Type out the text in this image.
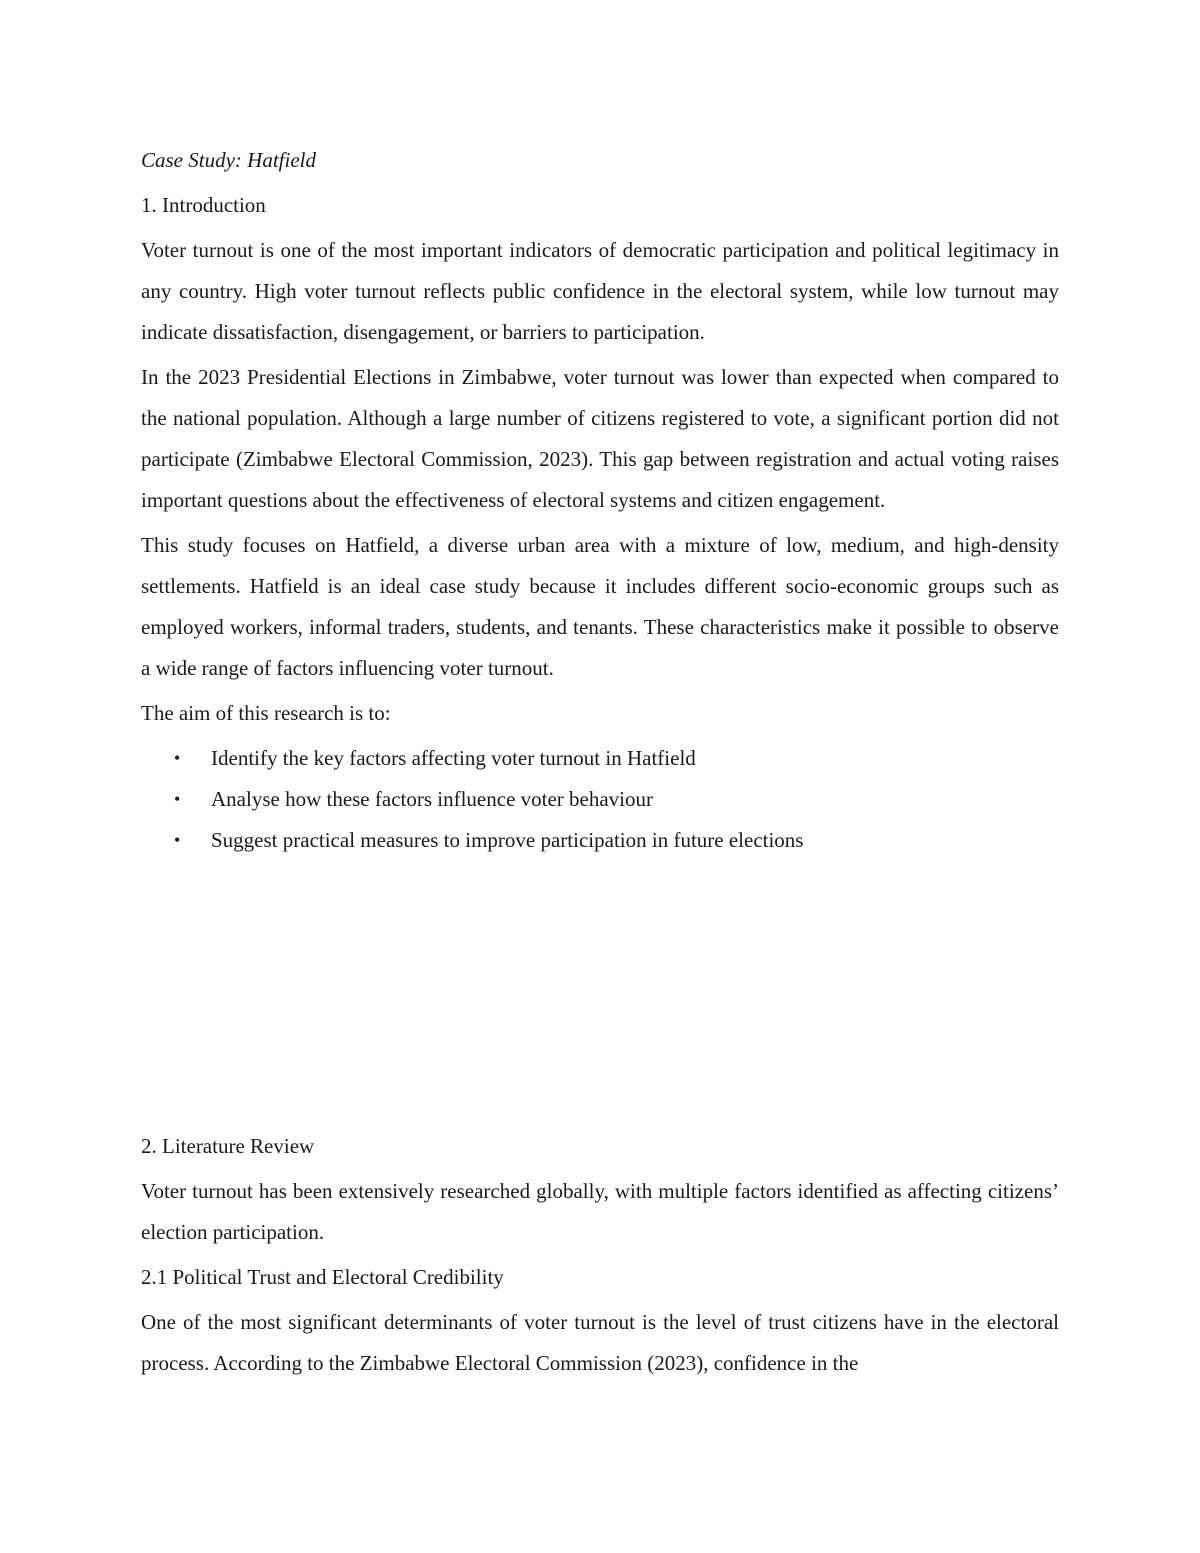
Case Study: Hatfield

1. Introduction

Voter turnout is one of the most important indicators of democratic participation and political legitimacy in any country. High voter turnout reflects public confidence in the electoral system, while low turnout may indicate dissatisfaction, disengagement, or barriers to participation.

In the 2023 Presidential Elections in Zimbabwe, voter turnout was lower than expected when compared to the national population. Although a large number of citizens registered to vote, a significant portion did not participate (Zimbabwe Electoral Commission, 2023). This gap between registration and actual voting raises important questions about the effectiveness of electoral systems and citizen engagement.

This study focuses on Hatfield, a diverse urban area with a mixture of low, medium, and high-density settlements. Hatfield is an ideal case study because it includes different socio-economic groups such as employed workers, informal traders, students, and tenants. These characteristics make it possible to observe a wide range of factors influencing voter turnout.

The aim of this research is to:

• Identify the key factors affecting voter turnout in Hatfield
• Analyse how these factors influence voter behaviour
• Suggest practical measures to improve participation in future elections

2. Literature Review

Voter turnout has been extensively researched globally, with multiple factors identified as affecting citizens’ election participation.

2.1 Political Trust and Electoral Credibility

One of the most significant determinants of voter turnout is the level of trust citizens have in the electoral process. According to the Zimbabwe Electoral Commission (2023), confidence in the
